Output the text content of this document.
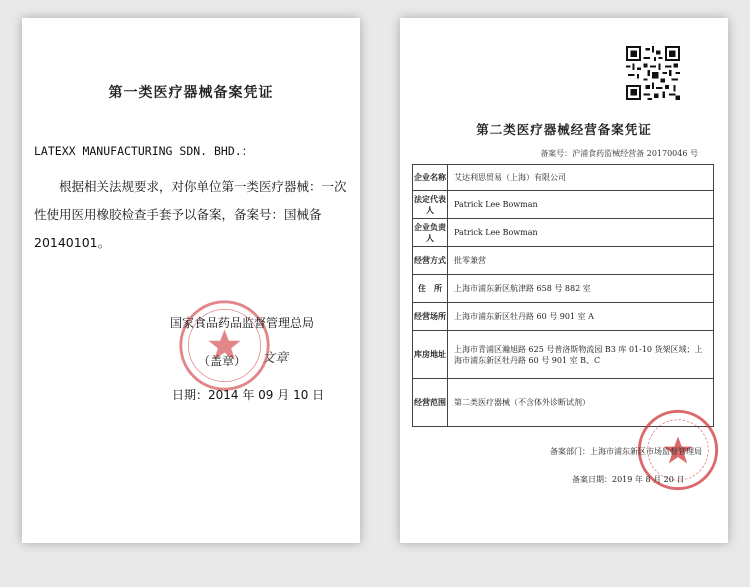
第一类医疗器械备案凭证
LATEXX MANUFACTURING SDN. BHD.：

根据相关法规要求，对你单位第一类医疗器械：一次性使用医用橡胶检查手套予以备案，备案号：国械备 20140101。

国家食品药品监督管理总局
（盖章） 文章
日期：2014 年 09 月 10 日
第二类医疗器械经营备案凭证
备案号：沪浦食药监械经营备 20170046 号
企业名称	艾达利思贸易（上海）有限公司
法定代表人	Patrick Lee Bowman
企业负责人	Patrick Lee Bowman
经营方式	批零兼营
住　所	上海市浦东新区航津路 658 号 882 室
经营场所	上海市浦东新区牡丹路 60 号 901 室 A
库房地址	上海市青浦区瀚旭路 625 号普洛斯物流园 B3 库 01-10 货架区域；上海市浦东新区牡丹路 60 号 901 室 B、C
经营范围	第二类医疗器械（不含体外诊断试剂）
备案部门：上海市浦东新区市场监督管理局
备案日期：2019 年 8 月 20 日
